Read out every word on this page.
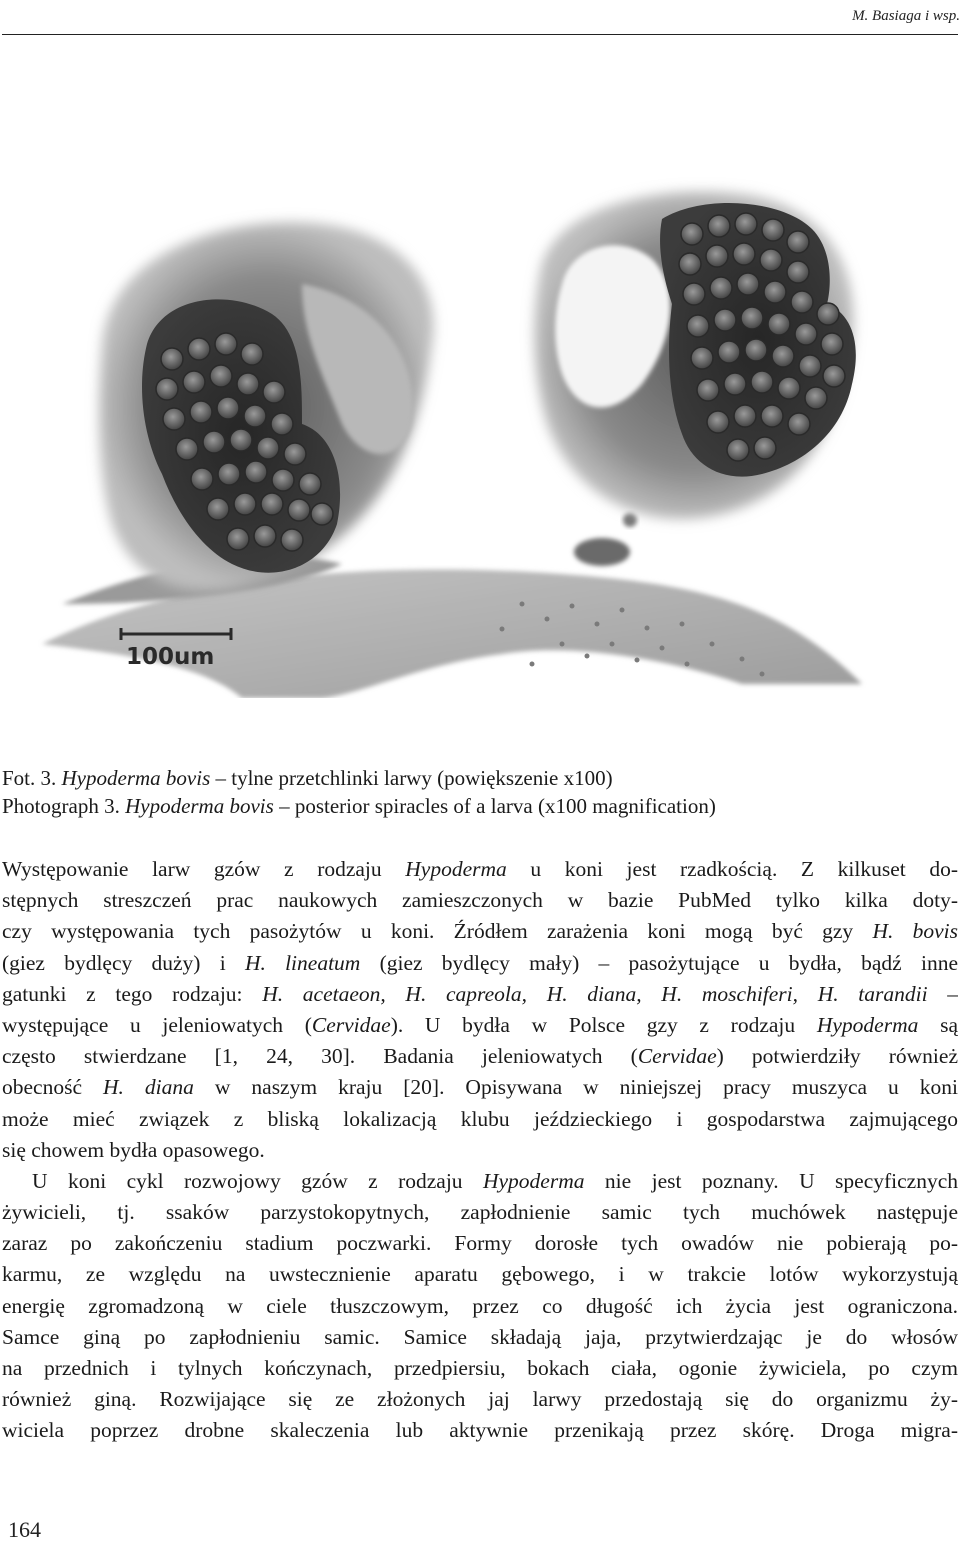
M. Basiaga i wsp.
100um
Fot. 3. Hypoderma bovis – tylne przetchlinki larwy (powiększenie x100)
Photograph 3. Hypoderma bovis – posterior spiracles of a larva (x100 magnification)
Występowanie larw gzów z rodzaju Hypoderma u koni jest rzadkością. Z kilkuset do-
stępnych streszczeń prac naukowych zamieszczonych w bazie PubMed tylko kilka doty-
czy występowania tych pasożytów u koni. Źródłem zarażenia koni mogą być gzy H. bovis
(giez bydlęcy duży) i H. lineatum (giez bydlęcy mały) – pasożytujące u bydła, bądź inne
gatunki z tego rodzaju: H. acetaeon, H. capreola, H. diana, H. moschiferi, H. tarandii –
występujące u jeleniowatych (Cervidae). U bydła w Polsce gzy z rodzaju Hypoderma są
często stwierdzane [1, 24, 30]. Badania jeleniowatych (Cervidae) potwierdziły również
obecność H. diana w naszym kraju [20]. Opisywana w niniejszej pracy muszyca u koni
może mieć związek z bliską lokalizacją klubu jeździeckiego i gospodarstwa zajmującego
się chowem bydła opasowego.
U koni cykl rozwojowy gzów z rodzaju Hypoderma nie jest poznany. U specyficznych
żywicieli, tj. ssaków parzystokopytnych, zapłodnienie samic tych muchówek następuje
zaraz po zakończeniu stadium poczwarki. Formy dorosłe tych owadów nie pobierają po-
karmu, ze względu na uwstecznienie aparatu gębowego, i w trakcie lotów wykorzystują
energię zgromadzoną w ciele tłuszczowym, przez co długość ich życia jest ograniczona.
Samce giną po zapłodnieniu samic. Samice składają jaja, przytwierdzając je do włosów
na przednich i tylnych kończynach, przedpiersiu, bokach ciała, ogonie żywiciela, po czym
również giną. Rozwijające się ze złożonych jaj larwy przedostają się do organizmu ży-
wiciela poprzez drobne skaleczenia lub aktywnie przenikają przez skórę. Droga migra-
164
